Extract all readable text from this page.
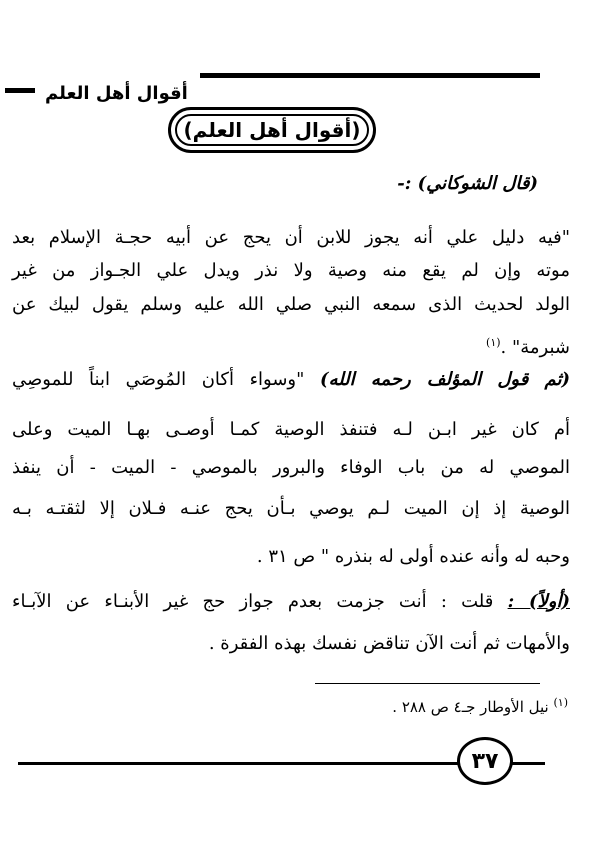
أقوال أهل العلم
(أقوال أهل العلم)
(قال الشوكاني) :-
"فيه دليل علي أنه يجوز للابن أن يحج عن أبيه حجـة الإسلام بعد
موته وإن لم يقع منه وصية ولا نذر ويدل علي الجـواز من غير
الولد لحديث الذى سمعه النبي صلي الله عليه وسلم يقول لبيك عن
شبرمة" .$^{(١)}$
(ثم قول المؤلف رحمه الله) "وسواء أكان المُوصَي ابناً للموصِي
أم كان غير ابـن لـه فتنفذ الوصية كمـا أوصـى بهـا الميت وعلى
الموصي له من باب الوفاء والبرور بالموصي - الميت - أن ينفذ
الوصية إذ إن الميت لـم يوصي بـأن يحج عنـه فـلان إلا لثقتـه بـه
وحبه له وأنه عنده أولى له بنذره " ص ٣١ .
(أولاً) : قلت : أنت جزمت بعدم جواز حج غير الأبنـاء عن الآبـاء
والأمهات ثم أنت الآن تناقض نفسك بهذه الفقرة .
$^{(١)}$ نيل الأوطار جـ٤ ص ٢٨٨ .
٣٧
